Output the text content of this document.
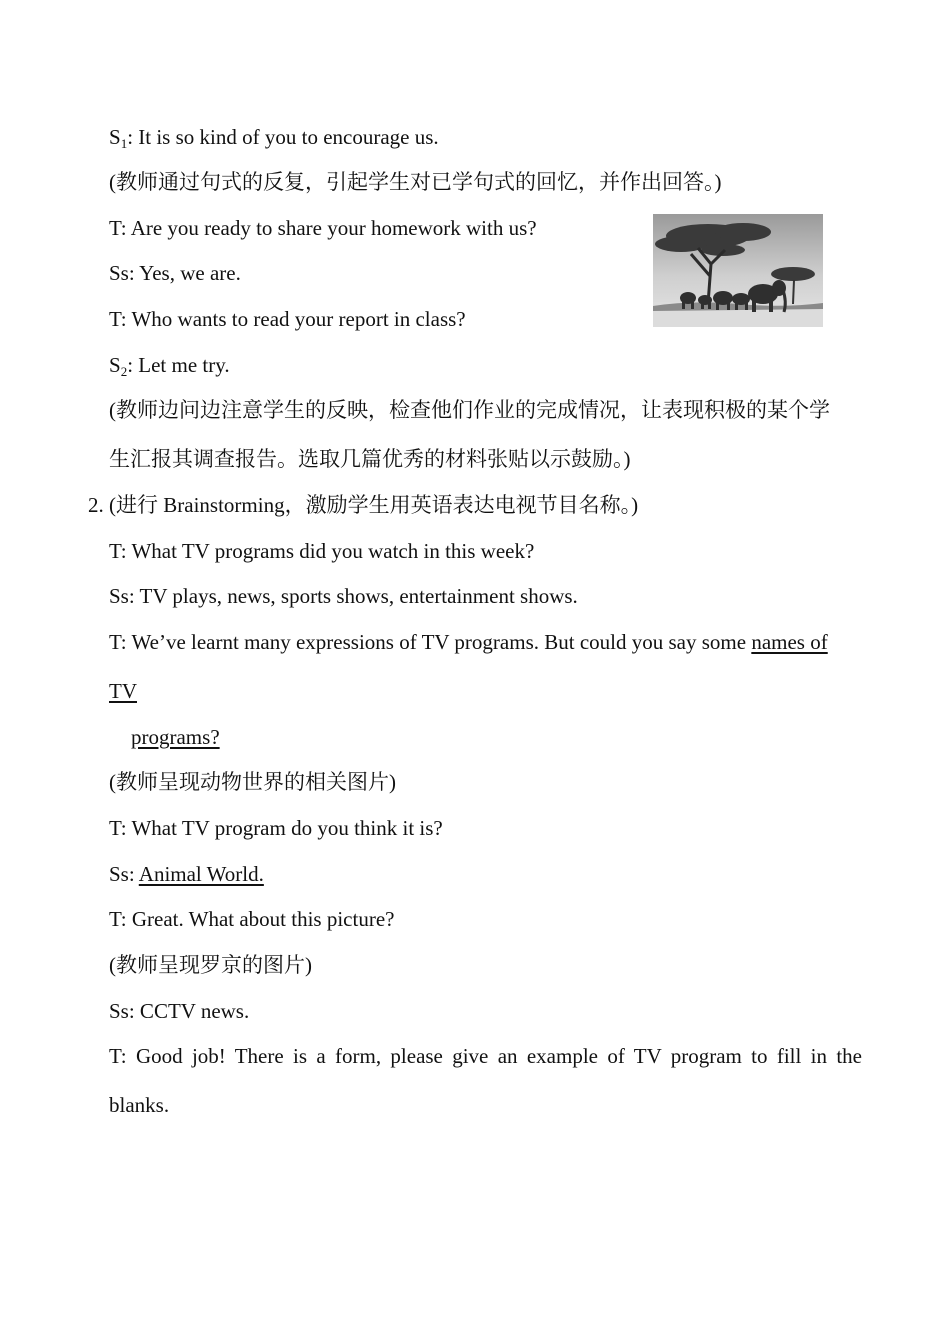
$S_1$: It is so kind of you to encourage us.
(教师通过句式的反复，引起学生对已学句式的回忆，并作出回答。)
T: Are you ready to share your homework with us?
Ss: Yes, we are.
T: Who wants to read your report in class?
$S_2$: Let me try.
(教师边问边注意学生的反映，检查他们作业的完成情况，让表现积极的某个学
生汇报其调查报告。选取几篇优秀的材料张贴以示鼓励。)
2. (进行 Brainstorming，激励学生用英语表达电视节目名称。)
T: What TV programs did you watch in this week?
Ss: TV plays, news, sports shows, entertainment shows.
T: We’ve learnt many expressions of TV programs. But could you say some names of
TV
programs?
(教师呈现动物世界的相关图片)
T: What TV program do you think it is?
Ss: Animal World.
T: Great. What about this picture?
(教师呈现罗京的图片)
Ss: CCTV news.
T: Good job! There is a form, please give an example of TV program to fill in the
blanks.
